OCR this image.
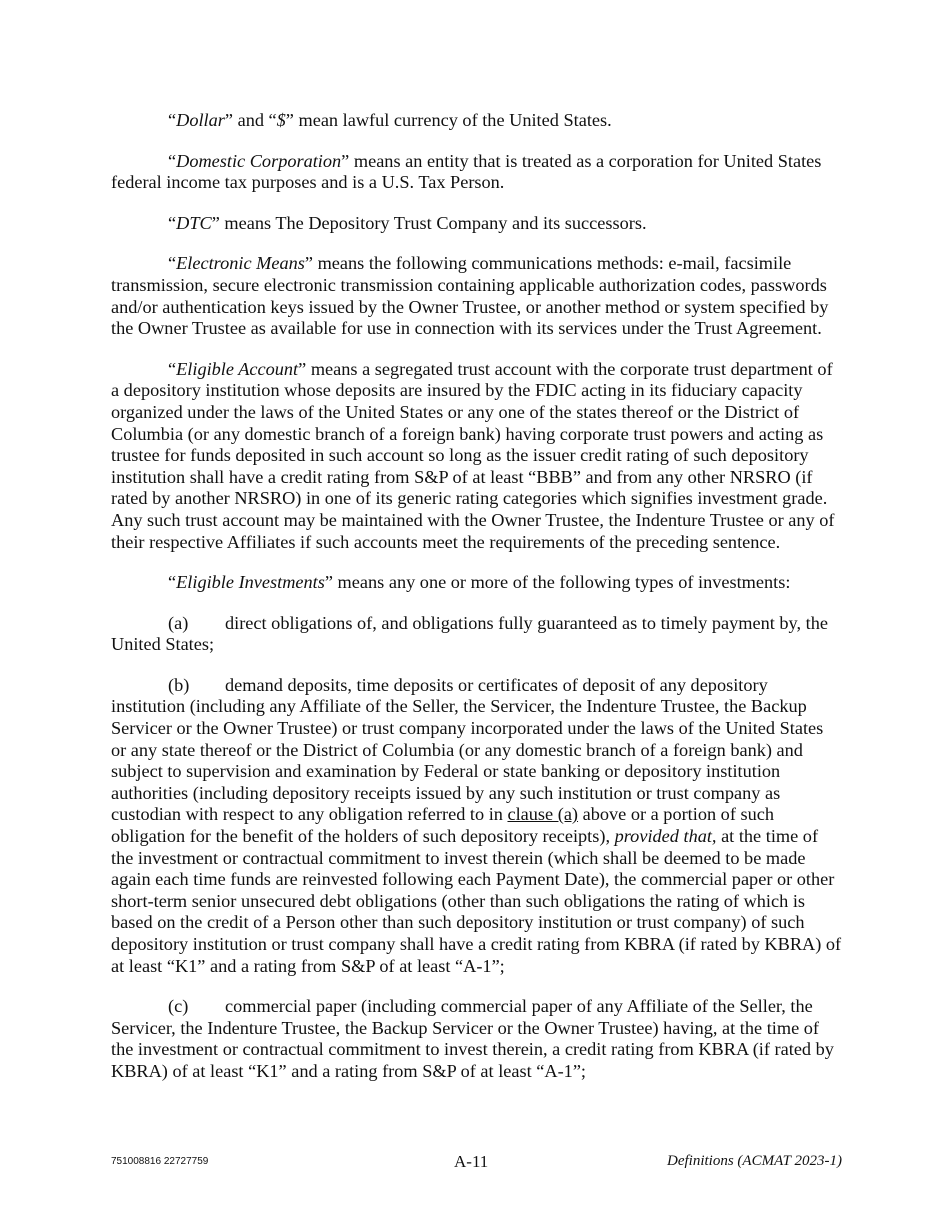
“Dollar” and “$” mean lawful currency of the United States.

“Domestic Corporation” means an entity that is treated as a corporation for United States federal income tax purposes and is a U.S. Tax Person.

“DTC” means The Depository Trust Company and its successors.

“Electronic Means” means the following communications methods: e-mail, facsimile transmission, secure electronic transmission containing applicable authorization codes, passwords and/or authentication keys issued by the Owner Trustee, or another method or system specified by the Owner Trustee as available for use in connection with its services under the Trust Agreement.

“Eligible Account” means a segregated trust account with the corporate trust department of a depository institution whose deposits are insured by the FDIC acting in its fiduciary capacity organized under the laws of the United States or any one of the states thereof or the District of Columbia (or any domestic branch of a foreign bank) having corporate trust powers and acting as trustee for funds deposited in such account so long as the issuer credit rating of such depository institution shall have a credit rating from S&P of at least “BBB” and from any other NRSRO (if rated by another NRSRO) in one of its generic rating categories which signifies investment grade. Any such trust account may be maintained with the Owner Trustee, the Indenture Trustee or any of their respective Affiliates if such accounts meet the requirements of the preceding sentence.

“Eligible Investments” means any one or more of the following types of investments:

(a) direct obligations of, and obligations fully guaranteed as to timely payment by, the United States;

(b) demand deposits, time deposits or certificates of deposit of any depository institution (including any Affiliate of the Seller, the Servicer, the Indenture Trustee, the Backup Servicer or the Owner Trustee) or trust company incorporated under the laws of the United States or any state thereof or the District of Columbia (or any domestic branch of a foreign bank) and subject to supervision and examination by Federal or state banking or depository institution authorities (including depository receipts issued by any such institution or trust company as custodian with respect to any obligation referred to in clause (a) above or a portion of such obligation for the benefit of the holders of such depository receipts), provided that, at the time of the investment or contractual commitment to invest therein (which shall be deemed to be made again each time funds are reinvested following each Payment Date), the commercial paper or other short-term senior unsecured debt obligations (other than such obligations the rating of which is based on the credit of a Person other than such depository institution or trust company) of such depository institution or trust company shall have a credit rating from KBRA (if rated by KBRA) of at least “K1” and a rating from S&P of at least “A-1”;

(c) commercial paper (including commercial paper of any Affiliate of the Seller, the Servicer, the Indenture Trustee, the Backup Servicer or the Owner Trustee) having, at the time of the investment or contractual commitment to invest therein, a credit rating from KBRA (if rated by KBRA) of at least “K1” and a rating from S&P of at least “A-1”;

751008816 22727759	A-11	Definitions (ACMAT 2023-1)
